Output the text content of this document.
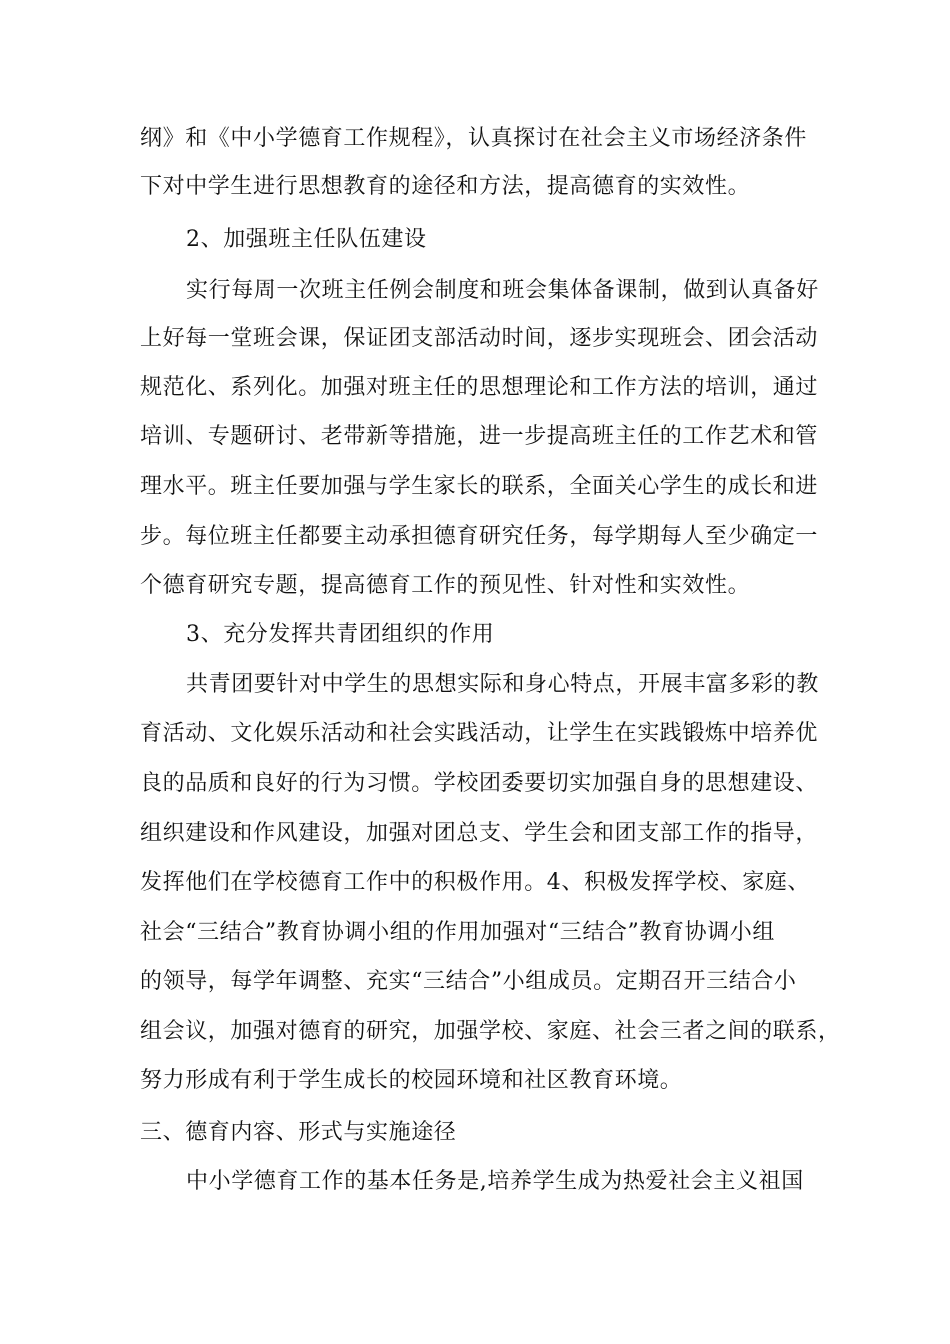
纲》和《中小学德育工作规程》，认真探讨在社会主义市场经济条件
下对中学生进行思想教育的途径和方法，提高德育的实效性。
2、加强班主任队伍建设
实行每周一次班主任例会制度和班会集体备课制，做到认真备好
上好每一堂班会课，保证团支部活动时间，逐步实现班会、团会活动
规范化、系列化。加强对班主任的思想理论和工作方法的培训，通过
培训、专题研讨、老带新等措施，进一步提高班主任的工作艺术和管
理水平。班主任要加强与学生家长的联系，全面关心学生的成长和进
步。每位班主任都要主动承担德育研究任务，每学期每人至少确定一
个德育研究专题，提高德育工作的预见性、针对性和实效性。
3、充分发挥共青团组织的作用
共青团要针对中学生的思想实际和身心特点，开展丰富多彩的教
育活动、文化娱乐活动和社会实践活动，让学生在实践锻炼中培养优
良的品质和良好的行为习惯。学校团委要切实加强自身的思想建设、
组织建设和作风建设，加强对团总支、学生会和团支部工作的指导，
发挥他们在学校德育工作中的积极作用。4、积极发挥学校、家庭、
社会“三结合”教育协调小组的作用加强对“三结合”教育协调小组
的领导，每学年调整、充实“三结合”小组成员。定期召开三结合小
组会议，加强对德育的研究，加强学校、家庭、社会三者之间的联系，
努力形成有利于学生成长的校园环境和社区教育环境。
三、德育内容、形式与实施途径
中小学德育工作的基本任务是,培养学生成为热爱社会主义祖国
